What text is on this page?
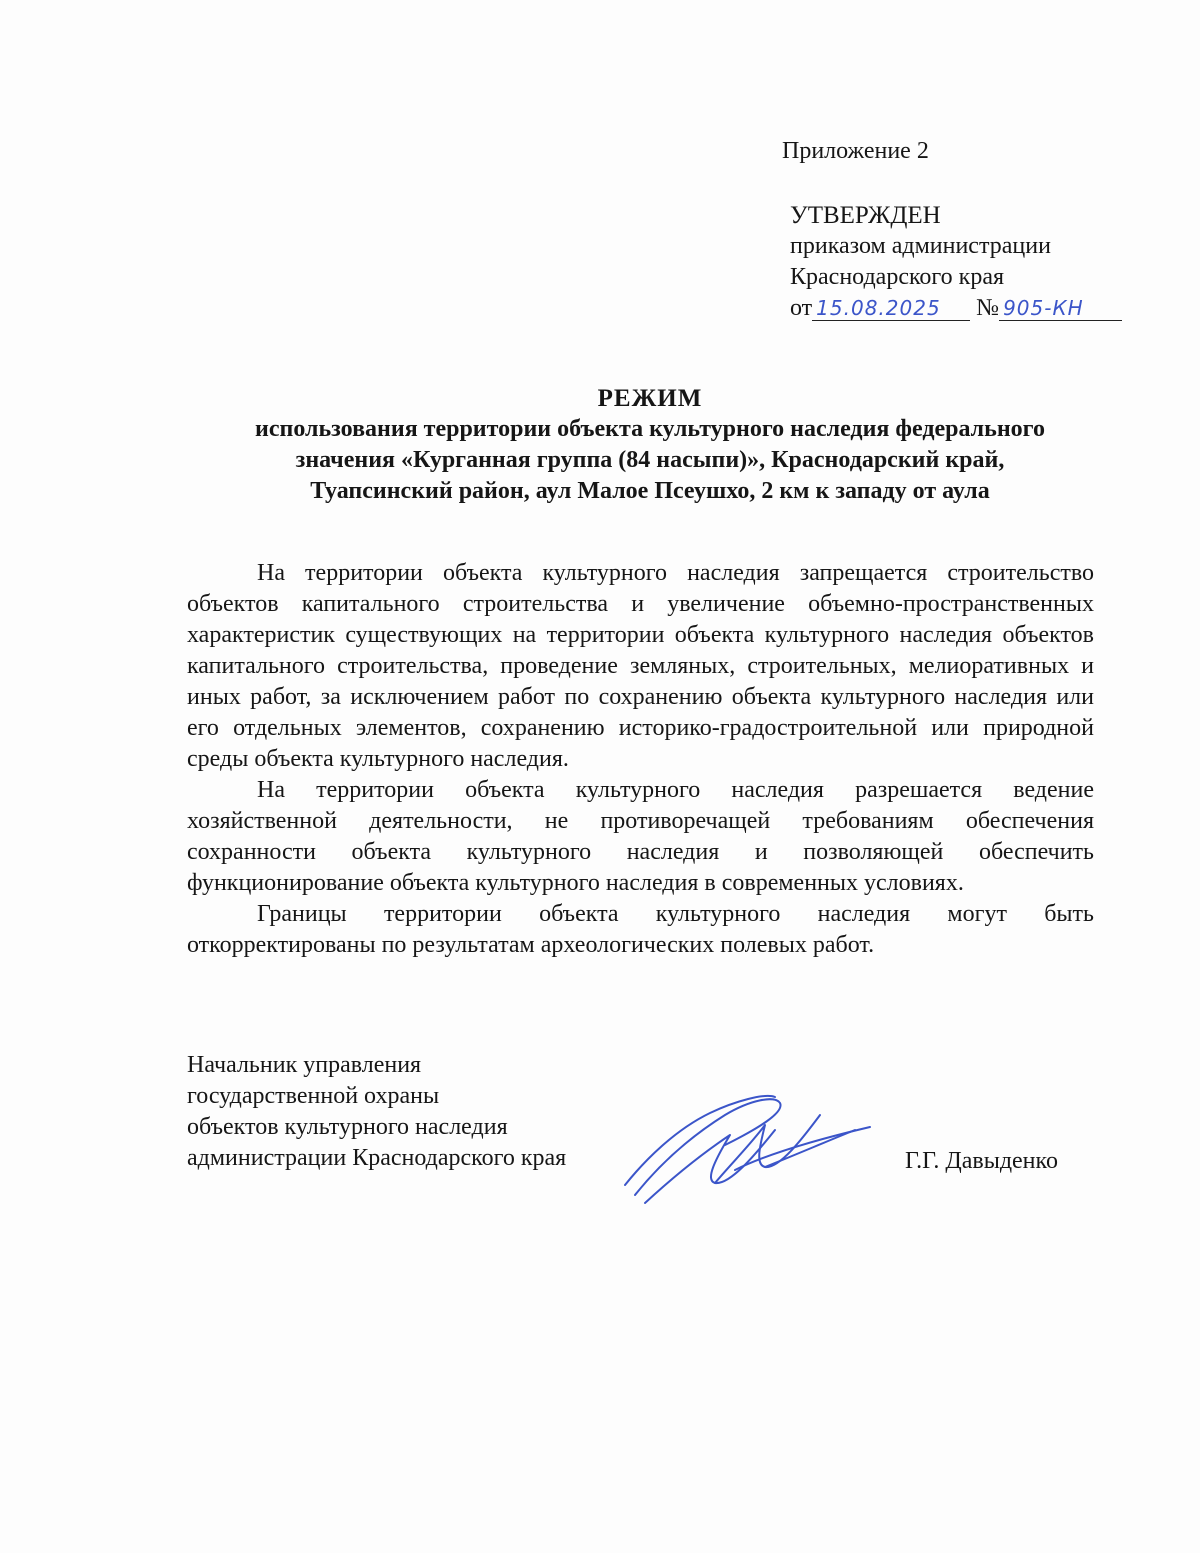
Приложение 2
УТВЕРЖДЕН
приказом администрации
Краснодарского края
от 15.08.2025 № 905-КН
РЕЖИМ
использования территории объекта культурного наследия федерального
значения «Курганная группа (84 насыпи)», Краснодарский край,
Туапсинский район, аул Малое Псеушхо, 2 км к западу от аула

На территории объекта культурного наследия запрещается строительство объектов капитального строительства и увеличение объемно-пространственных характеристик существующих на территории объекта культурного наследия объектов капитального строительства, проведение земляных, строительных, мелиоративных и иных работ, за исключением работ по сохранению объекта культурного наследия или его отдельных элементов, сохранению историко-градостроительной или природной среды объекта культурного наследия.

На территории объекта культурного наследия разрешается ведение хозяйственной деятельности, не противоречащей требованиям обеспечения сохранности объекта культурного наследия и позволяющей обеспечить функционирование объекта культурного наследия в современных условиях.

Границы территории объекта культурного наследия могут быть откорректированы по результатам археологических полевых работ.

Начальник управления
государственной охраны
объектов культурного наследия
администрации Краснодарского края	Г.Г. Давыденко
